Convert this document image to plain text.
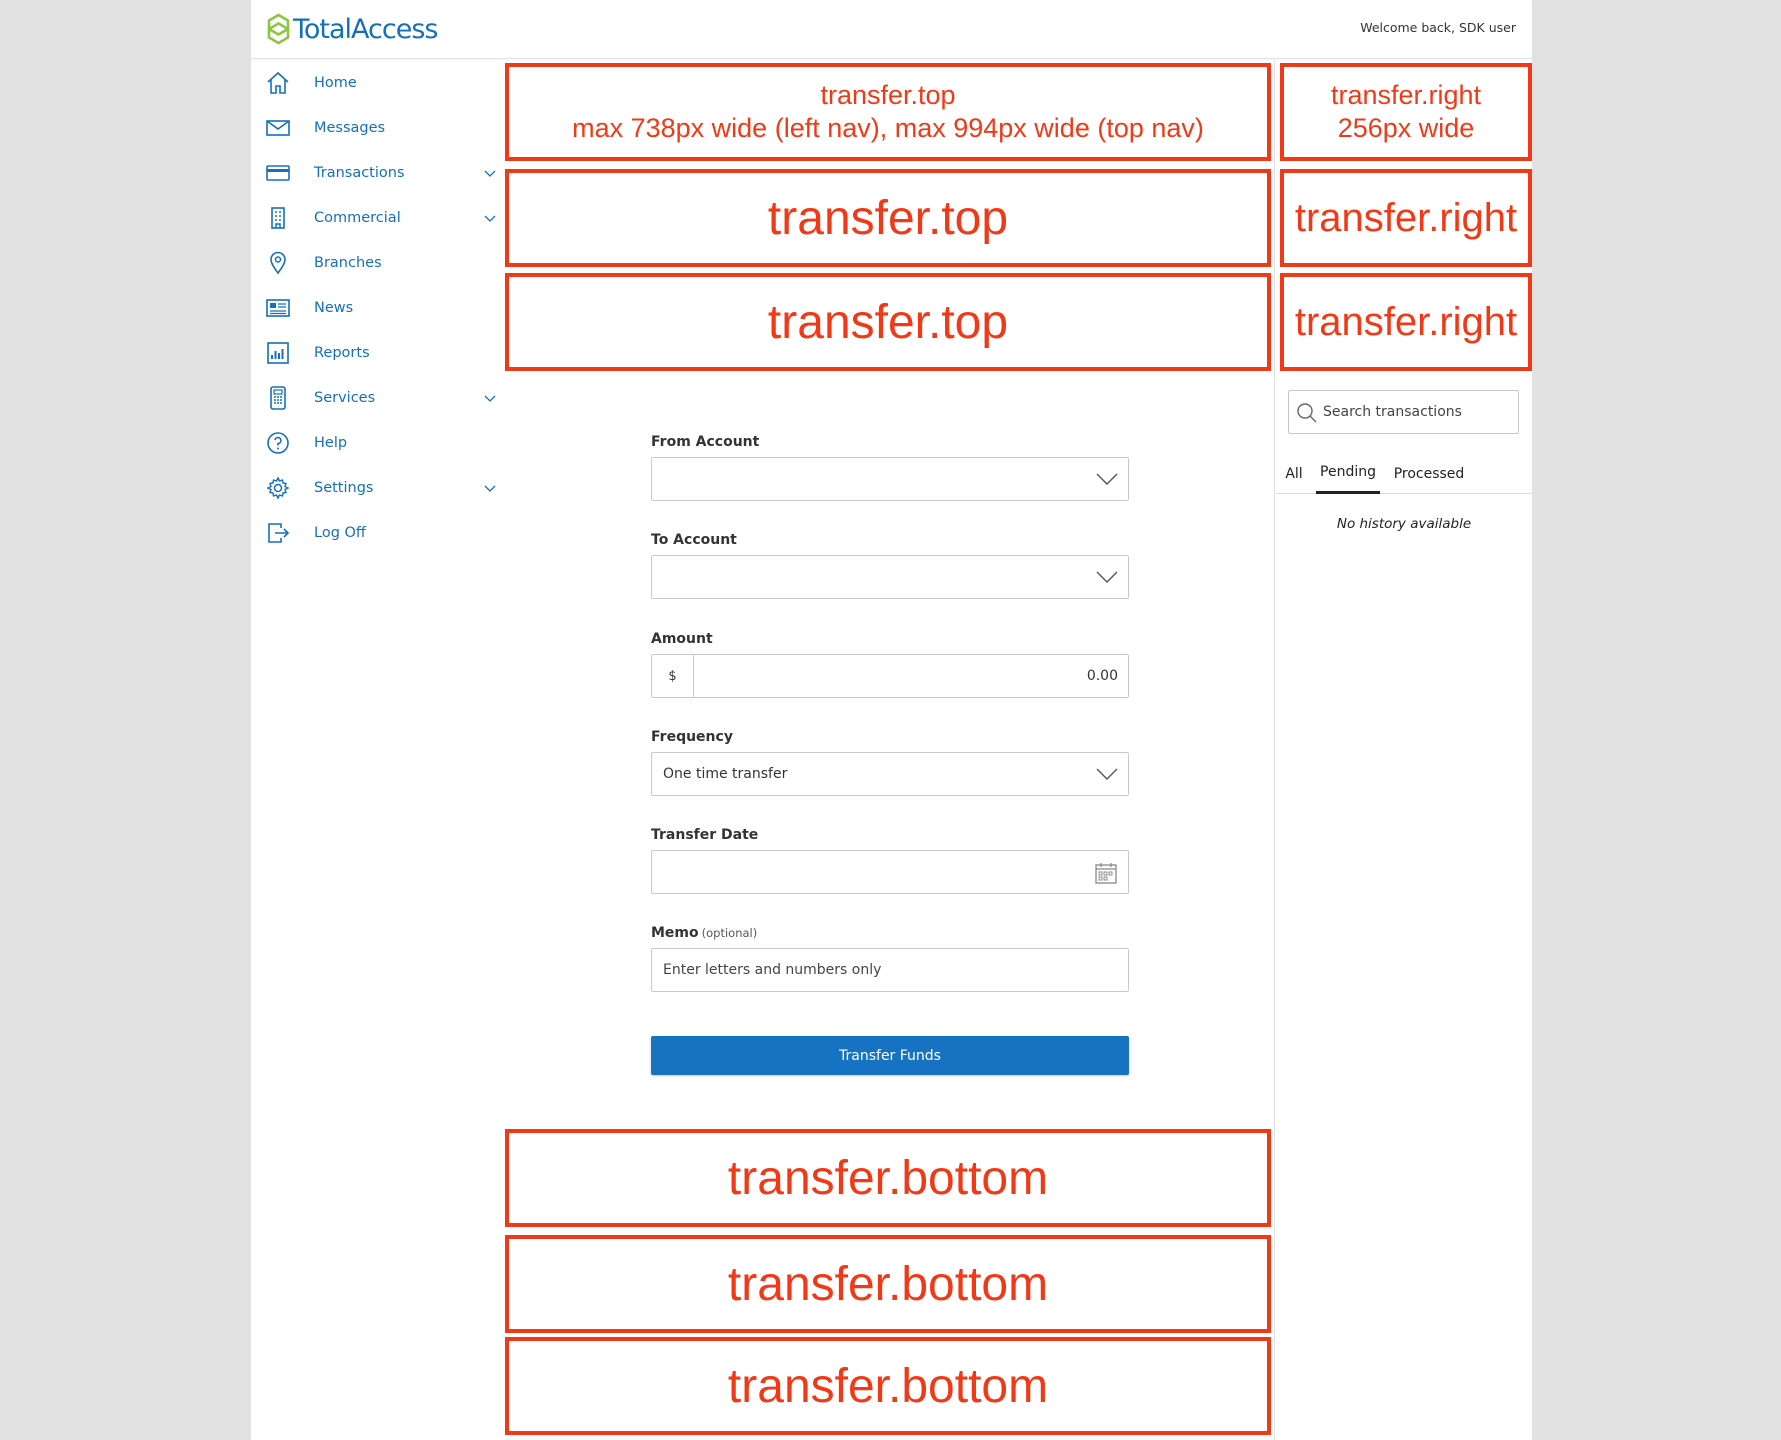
TotalAccess	Welcome back, SDK user
Home
Messages
Transactions
Commercial
Branches
News
Reports
Services
Help
Settings
Log Off
transfer.top
max 738px wide (left nav), max 994px wide (top nav)
transfer.top
transfer.top
From Account
To Account
Amount
$	0.00
Frequency
One time transfer
Transfer Date
Memo (optional)
Enter letters and numbers only
Transfer Funds
transfer.bottom
transfer.bottom
transfer.bottom
transfer.right
256px wide
transfer.right
transfer.right
Search transactions
All Pending Processed
No history available
